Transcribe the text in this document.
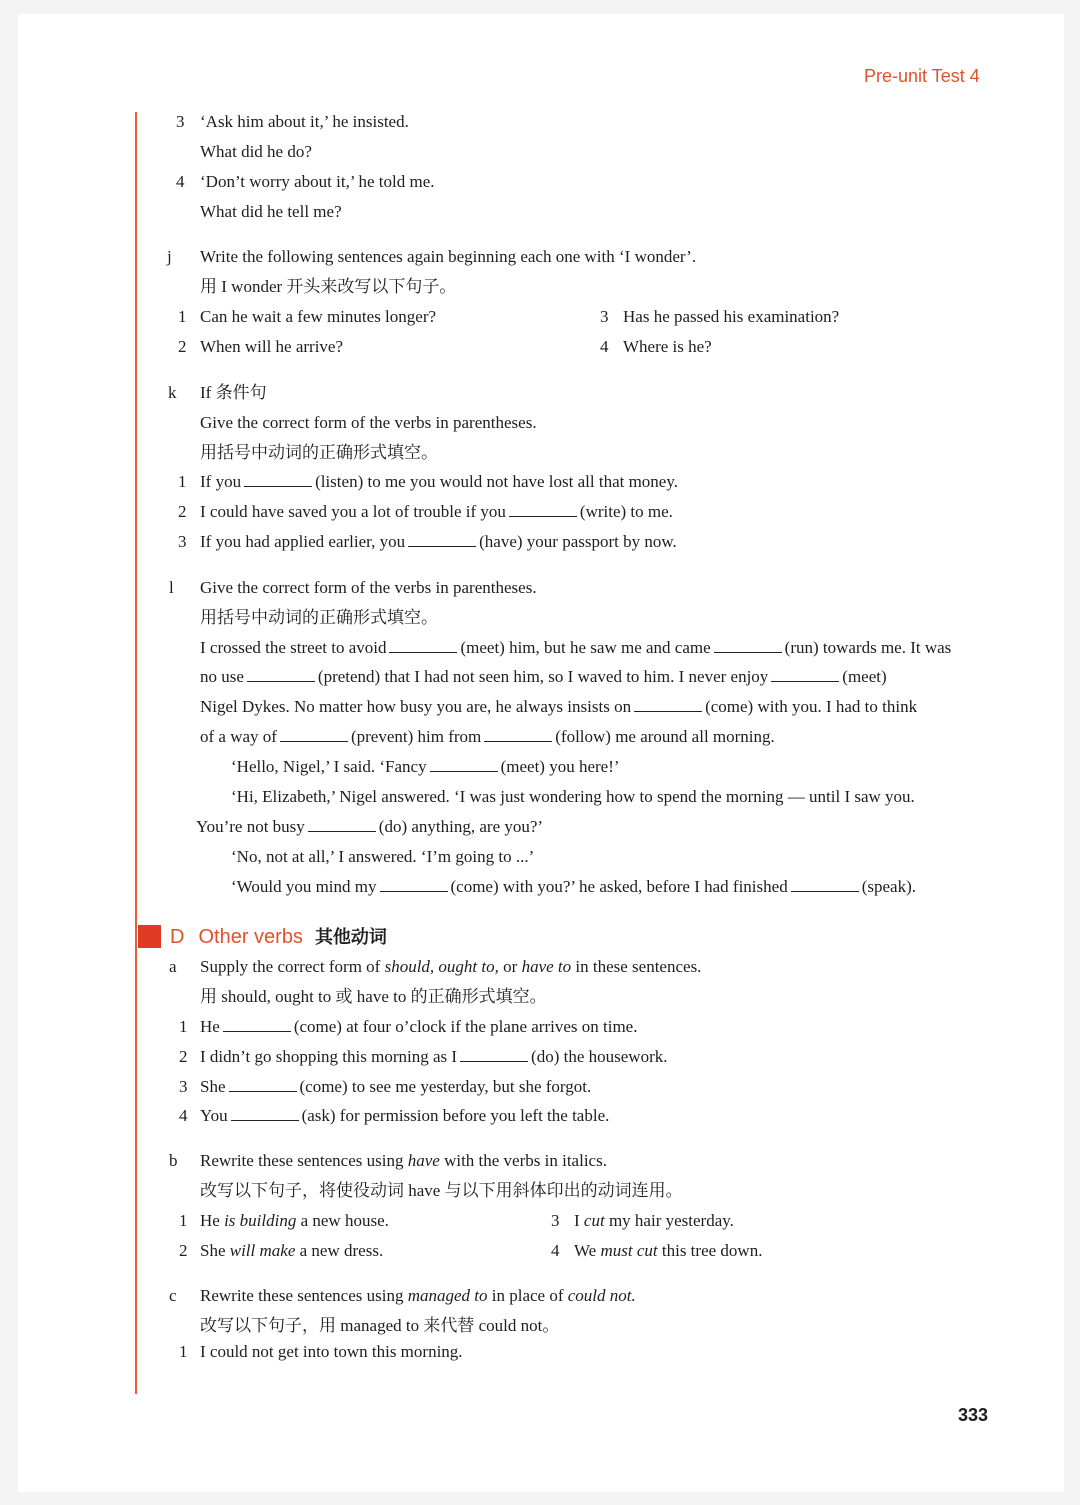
Pre-unit Test 4
3 ‘Ask him about it,’ he insisted.
What did he do?
4 ‘Don’t worry about it,’ he told me.
What did he tell me?
j Write the following sentences again beginning each one with ‘I wonder’.
用 I wonder 开头来改写以下句子。
1 Can he wait a few minutes longer?
2 When will he arrive?
3 Has he passed his examination?
4 Where is he?
k If 条件句
Give the correct form of the verbs in parentheses.
用括号中动词的正确形式填空。
1 If you	(listen) to me you would not have lost all that money.
2 I could have saved you a lot of trouble if you	(write) to me.
3 If you had applied earlier, you	(have) your passport by now.
l Give the correct form of the verbs in parentheses.
用括号中动词的正确形式填空。
I crossed the street to avoid	(meet) him, but he saw me and came	(run) towards me. It was
no use	(pretend) that I had not seen him, so I waved to him. I never enjoy	(meet)
Nigel Dykes. No matter how busy you are, he always insists on	(come) with you. I had to think
of a way of	(prevent) him from	(follow) me around all morning.
‘Hello, Nigel,’ I said. ‘Fancy	(meet) you here!’
‘Hi, Elizabeth,’ Nigel answered. ‘I was just wondering how to spend the morning — until I saw you.
You’re not busy	(do) anything, are you?’
‘No, not at all,’ I answered. ‘I’m going to ...’
‘Would you mind my	(come) with you?’ he asked, before I had finished	(speak).
D Other verbs 其他动词
a Supply the correct form of should, ought to, or have to in these sentences.
用 should, ought to 或 have to 的正确形式填空。
1 He	(come) at four o’clock if the plane arrives on time.
2 I didn’t go shopping this morning as I	(do) the housework.
3 She	(come) to see me yesterday, but she forgot.
4 You	(ask) for permission before you left the table.
b Rewrite these sentences using have with the verbs in italics.
改写以下句子，将使役动词 have 与以下用斜体印出的动词连用。
1 He is building a new house.
2 She will make a new dress.
3 I cut my hair yesterday.
4 We must cut this tree down.
c Rewrite these sentences using managed to in place of could not.
改写以下句子，用 managed to 来代替 could not。
1 I could not get into town this morning.
333
